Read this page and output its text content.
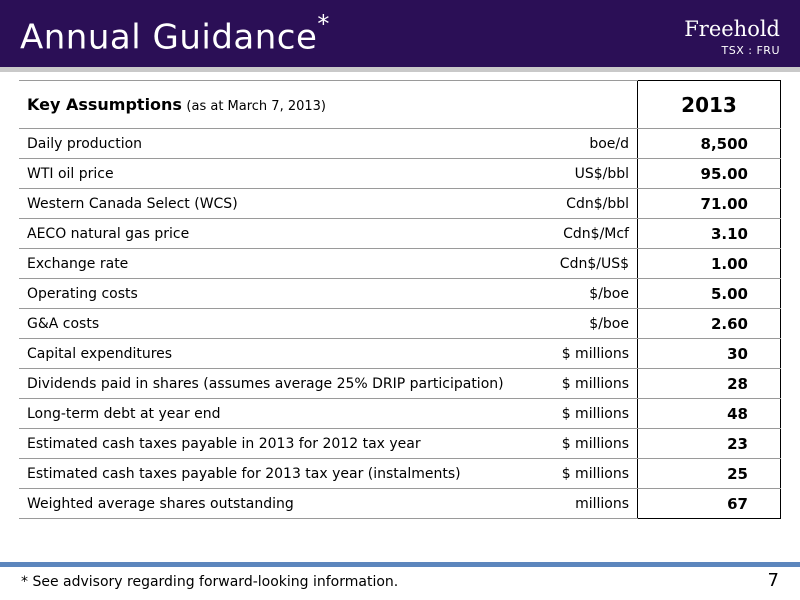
Annual Guidance*	Freehold
TSX : FRU
Key Assumptions (as at March 7, 2013)		2013
Daily production	boe/d	8,500
WTI oil price	US$/bbl	95.00
Western Canada Select (WCS)	Cdn$/bbl	71.00
AECO natural gas price	Cdn$/Mcf	3.10
Exchange rate	Cdn$/US$	1.00
Operating costs	$/boe	5.00
G&A costs	$/boe	2.60
Capital expenditures	$ millions	30
Dividends paid in shares (assumes average 25% DRIP participation)	$ millions	28
Long-term debt at year end	$ millions	48
Estimated cash taxes payable in 2013 for 2012 tax year	$ millions	23
Estimated cash taxes payable for 2013 tax year (instalments)	$ millions	25
Weighted average shares outstanding	millions	67
* See advisory regarding forward-looking information.	7
